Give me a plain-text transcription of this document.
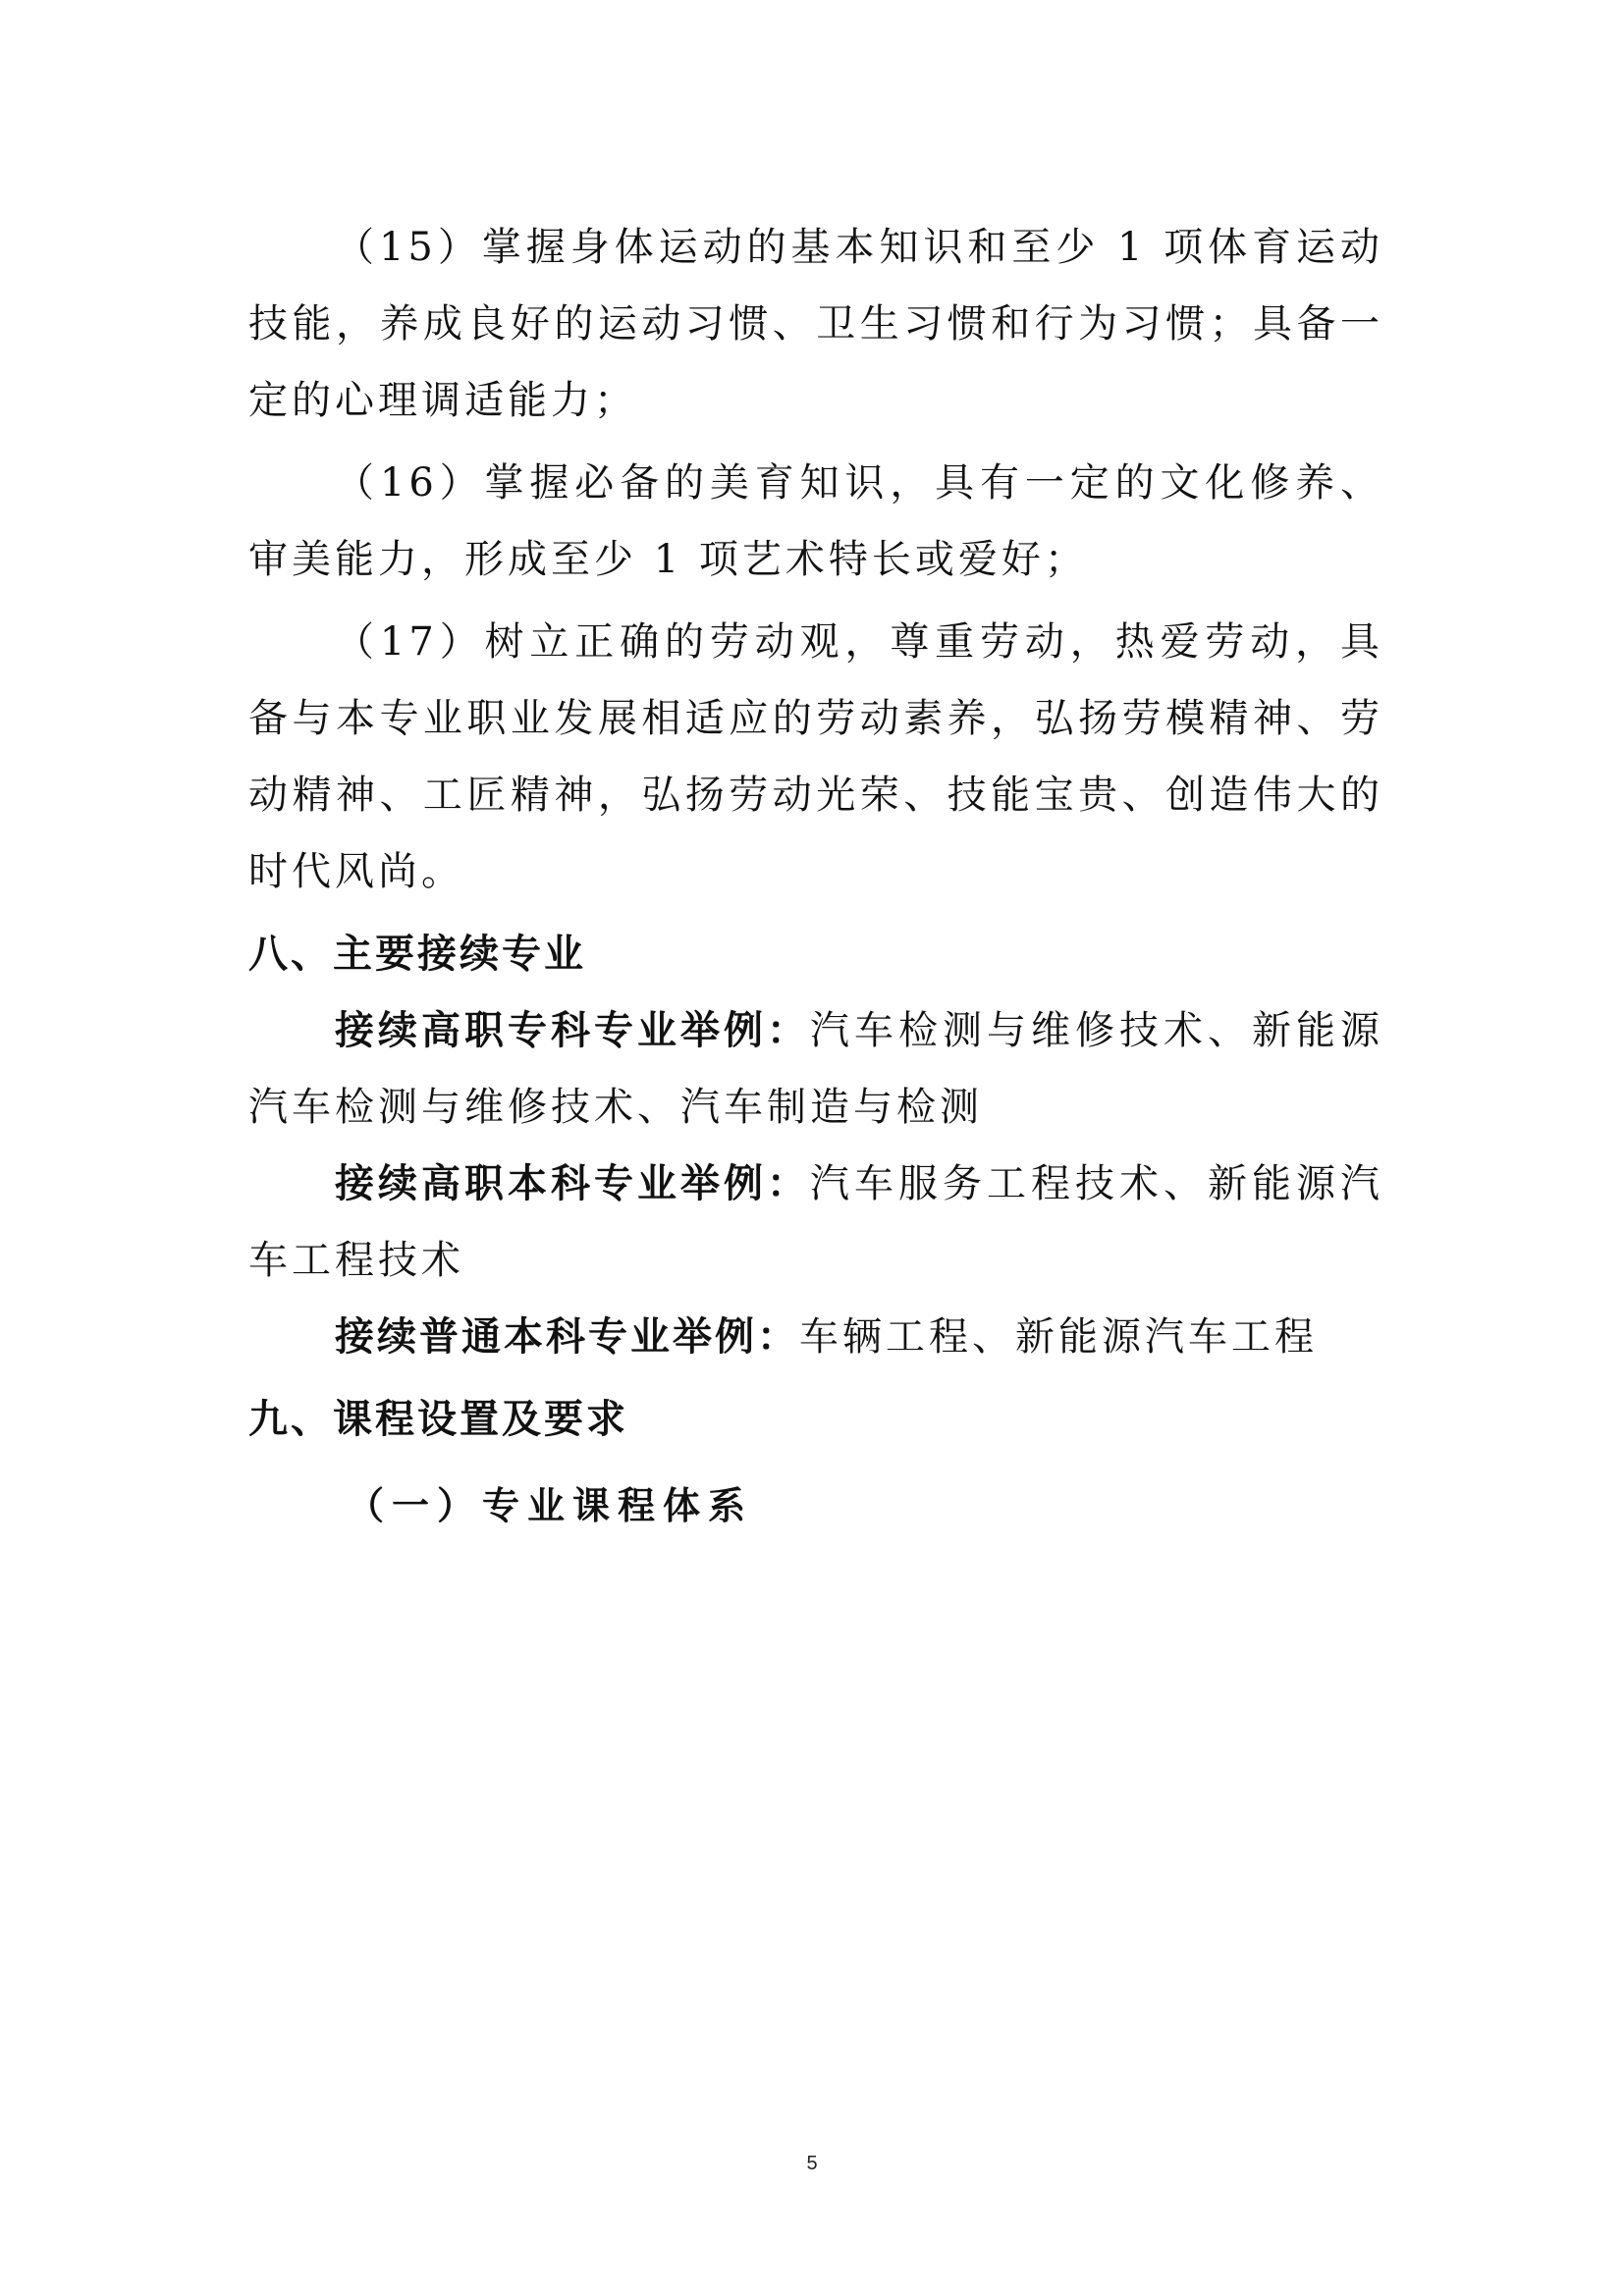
（15）掌握身体运动的基本知识和至少 1 项体育运动技能，养成良好的运动习惯、卫生习惯和行为习惯；具备一定的心理调适能力；

（16）掌握必备的美育知识，具有一定的文化修养、审美能力，形成至少 1 项艺术特长或爱好；

（17）树立正确的劳动观，尊重劳动，热爱劳动，具备与本专业职业发展相适应的劳动素养，弘扬劳模精神、劳动精神、工匠精神，弘扬劳动光荣、技能宝贵、创造伟大的时代风尚。

八、主要接续专业

接续高职专科专业举例：汽车检测与维修技术、新能源汽车检测与维修技术、汽车制造与检测

接续高职本科专业举例：汽车服务工程技术、新能源汽车工程技术

接续普通本科专业举例：车辆工程、新能源汽车工程

九、课程设置及要求
（一）专业课程体系
5
